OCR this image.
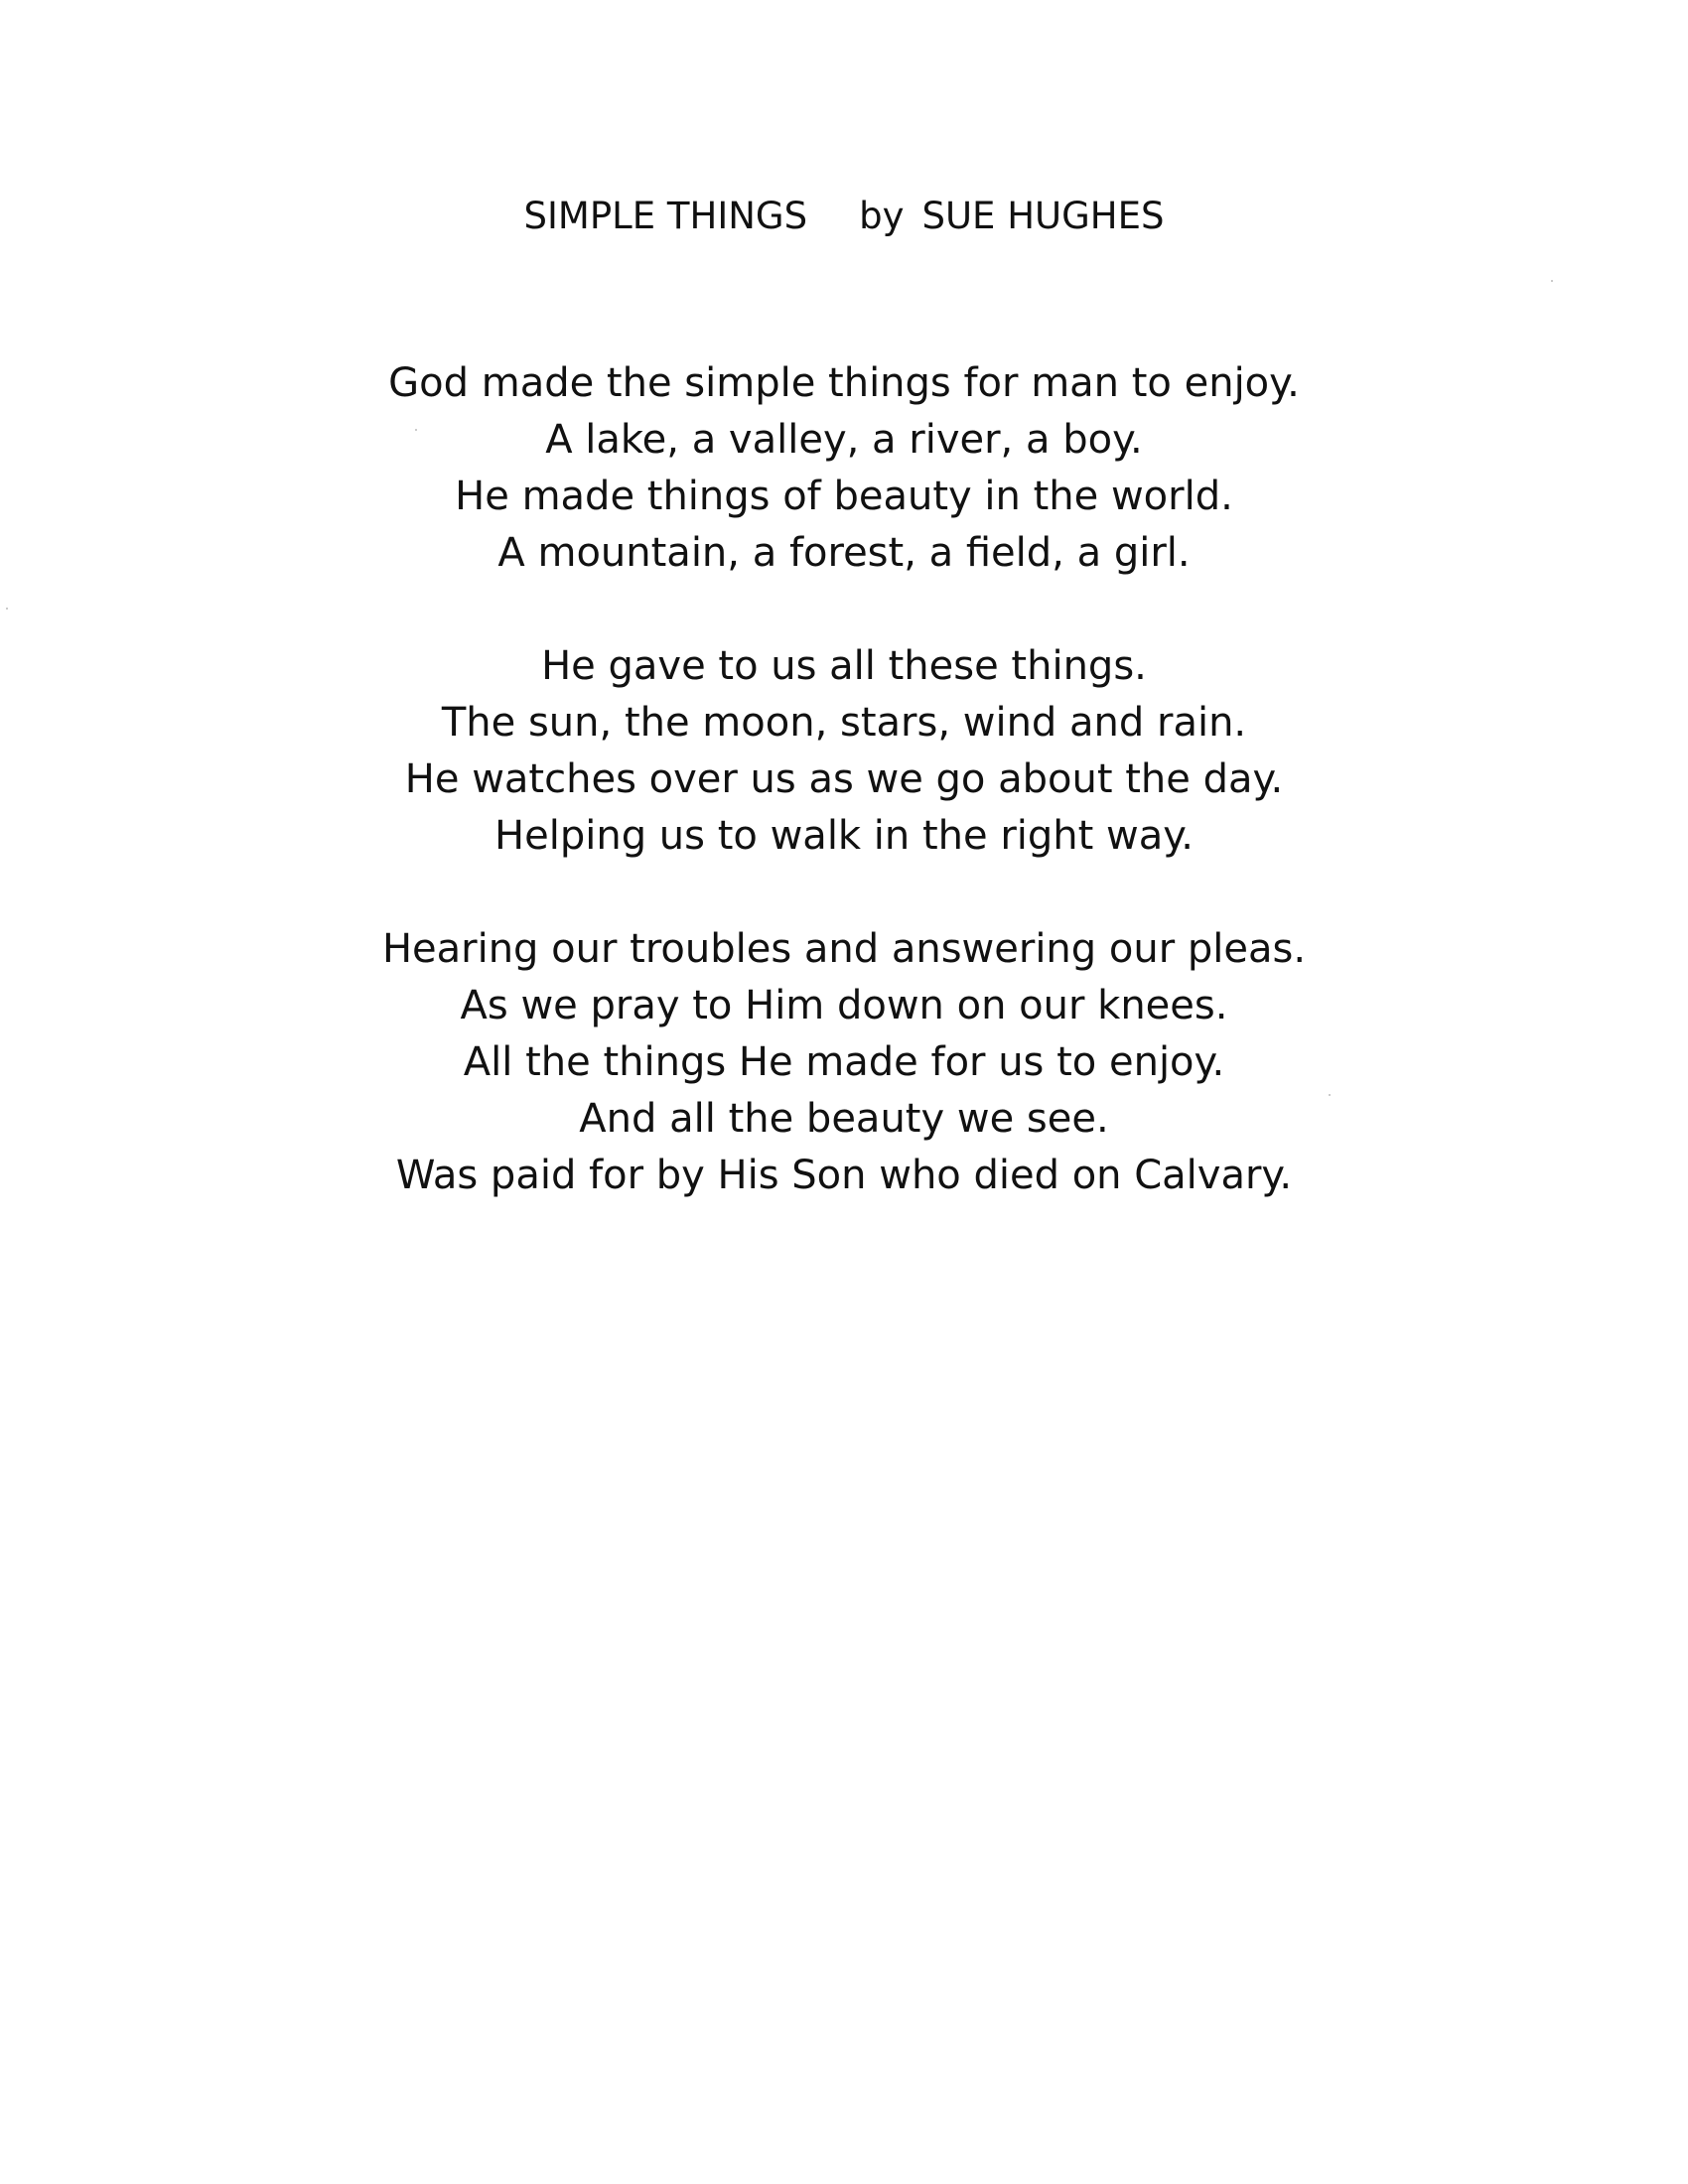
SIMPLE THINGS by SUE HUGHES

God made the simple things for man to enjoy.
A lake, a valley, a river, a boy.
He made things of beauty in the world.
A mountain, a forest, a field, a girl.

He gave to us all these things.
The sun, the moon, stars, wind and rain.
He watches over us as we go about the day.
Helping us to walk in the right way.

Hearing our troubles and answering our pleas.
As we pray to Him down on our knees.
All the things He made for us to enjoy.
And all the beauty we see.
Was paid for by His Son who died on Calvary.
